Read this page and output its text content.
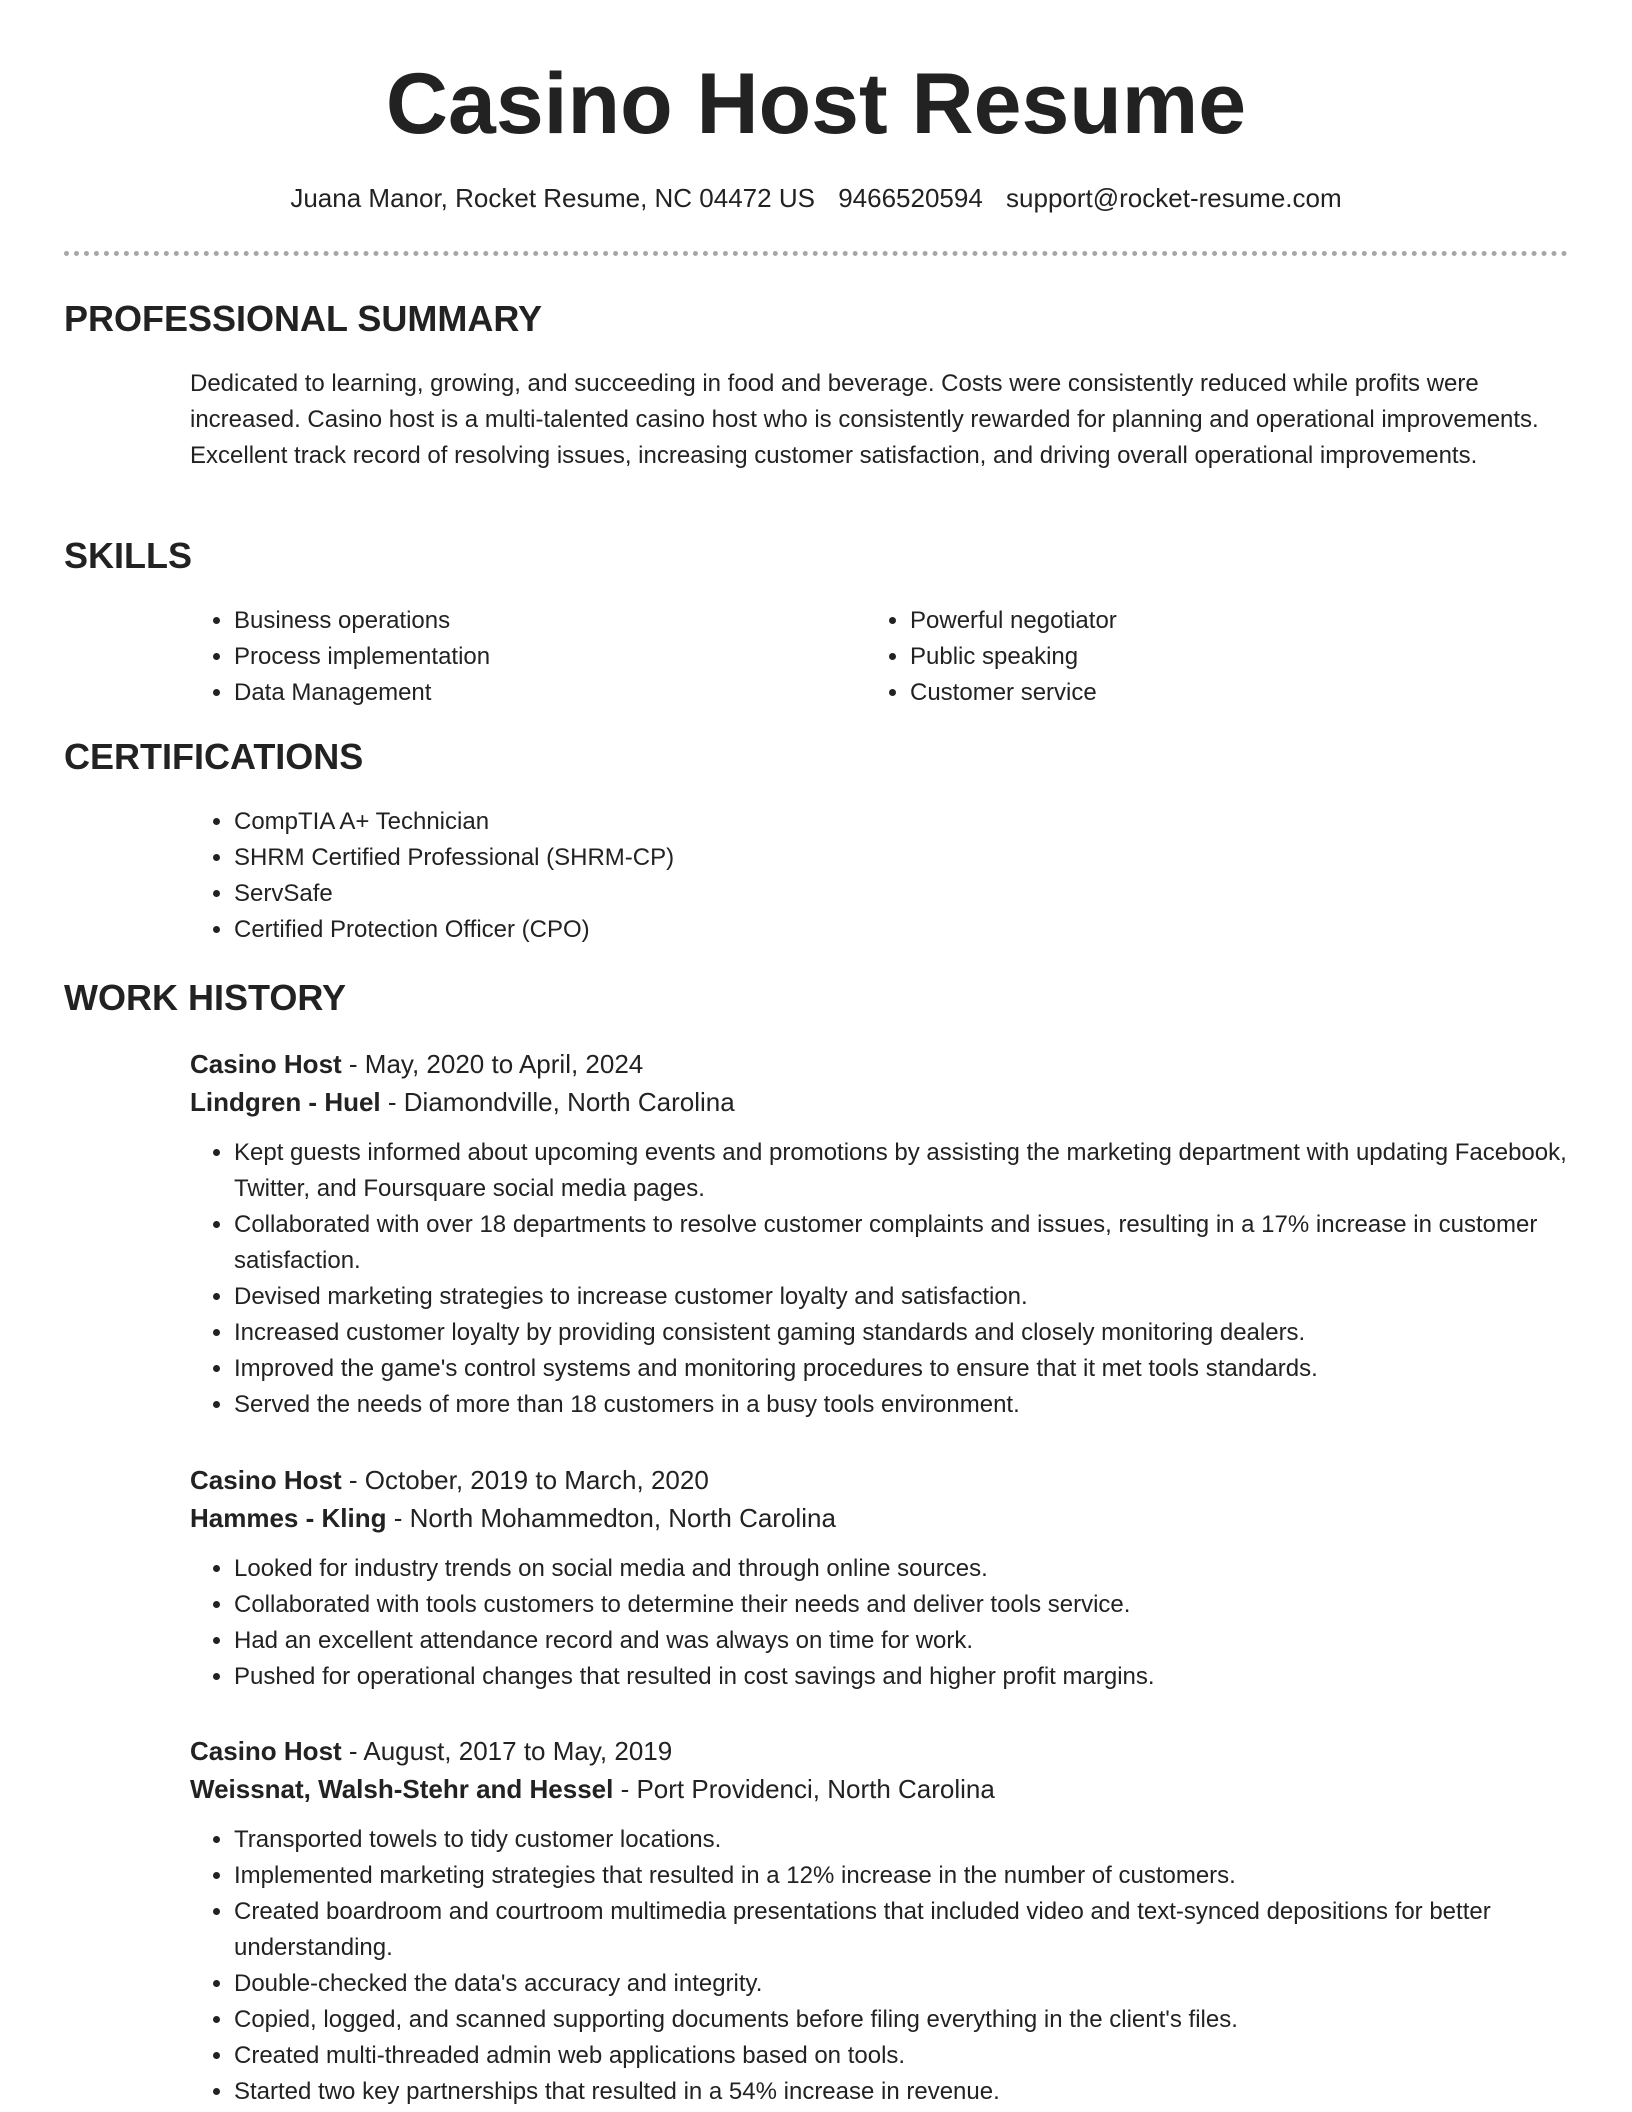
Casino Host Resume
Juana Manor, Rocket Resume, NC 04472 US 9466520594 support@rocket-resume.com
PROFESSIONAL SUMMARY

Dedicated to learning, growing, and succeeding in food and beverage. Costs were consistently reduced while profits were increased. Casino host is a multi-talented casino host who is consistently rewarded for planning and operational improvements. Excellent track record of resolving issues, increasing customer satisfaction, and driving overall operational improvements.

SKILLS
• Business operations
• Process implementation
• Data Management
• Powerful negotiator
• Public speaking
• Customer service
CERTIFICATIONS
• CompTIA A+ Technician
• SHRM Certified Professional (SHRM-CP)
• ServSafe
• Certified Protection Officer (CPO)
WORK HISTORY

Casino Host - May, 2020 to April, 2024

Lindgren - Huel - Diamondville, North Carolina

• Kept guests informed about upcoming events and promotions by assisting the marketing department with updating Facebook, Twitter, and Foursquare social media pages.
• Collaborated with over 18 departments to resolve customer complaints and issues, resulting in a 17% increase in customer satisfaction.
• Devised marketing strategies to increase customer loyalty and satisfaction.
• Increased customer loyalty by providing consistent gaming standards and closely monitoring dealers.
• Improved the game's control systems and monitoring procedures to ensure that it met tools standards.
• Served the needs of more than 18 customers in a busy tools environment.

Casino Host - October, 2019 to March, 2020

Hammes - Kling - North Mohammedton, North Carolina

• Looked for industry trends on social media and through online sources.
• Collaborated with tools customers to determine their needs and deliver tools service.
• Had an excellent attendance record and was always on time for work.
• Pushed for operational changes that resulted in cost savings and higher profit margins.

Casino Host - August, 2017 to May, 2019

Weissnat, Walsh-Stehr and Hessel - Port Providenci, North Carolina

• Transported towels to tidy customer locations.
• Implemented marketing strategies that resulted in a 12% increase in the number of customers.
• Created boardroom and courtroom multimedia presentations that included video and text-synced depositions for better understanding.
• Double-checked the data's accuracy and integrity.
• Copied, logged, and scanned supporting documents before filing everything in the client's files.
• Created multi-threaded admin web applications based on tools.
• Started two key partnerships that resulted in a 54% increase in revenue.
